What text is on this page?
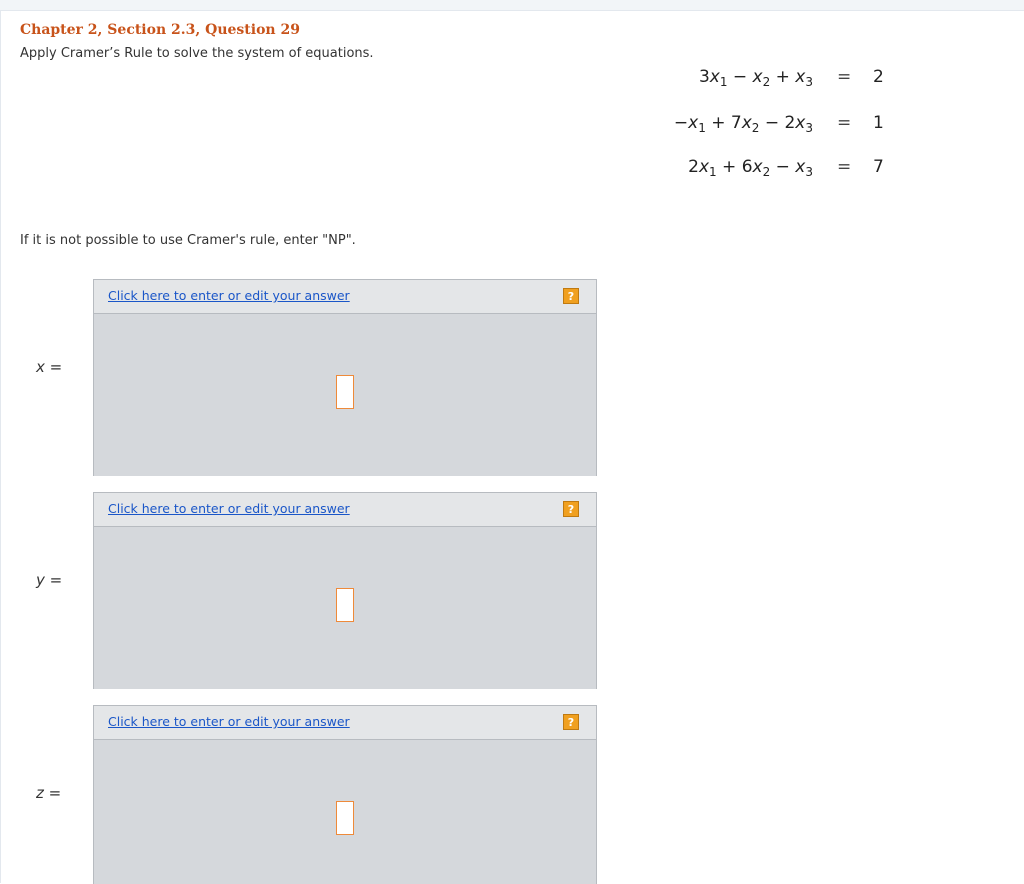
Chapter 2, Section 2.3, Question 29
Apply Cramer’s Rule to solve the system of equations.
$3x_1 - x_2 + x_3 = 2$
$-x_1 + 7x_2 - 2x_3 = 1$
$2x_1 + 6x_2 - x_3 = 7$
If it is not possible to use Cramer's rule, enter "NP".
x =
Click here to enter or edit your answer	?
y =
Click here to enter or edit your answer	?
z =
Click here to enter or edit your answer	?
